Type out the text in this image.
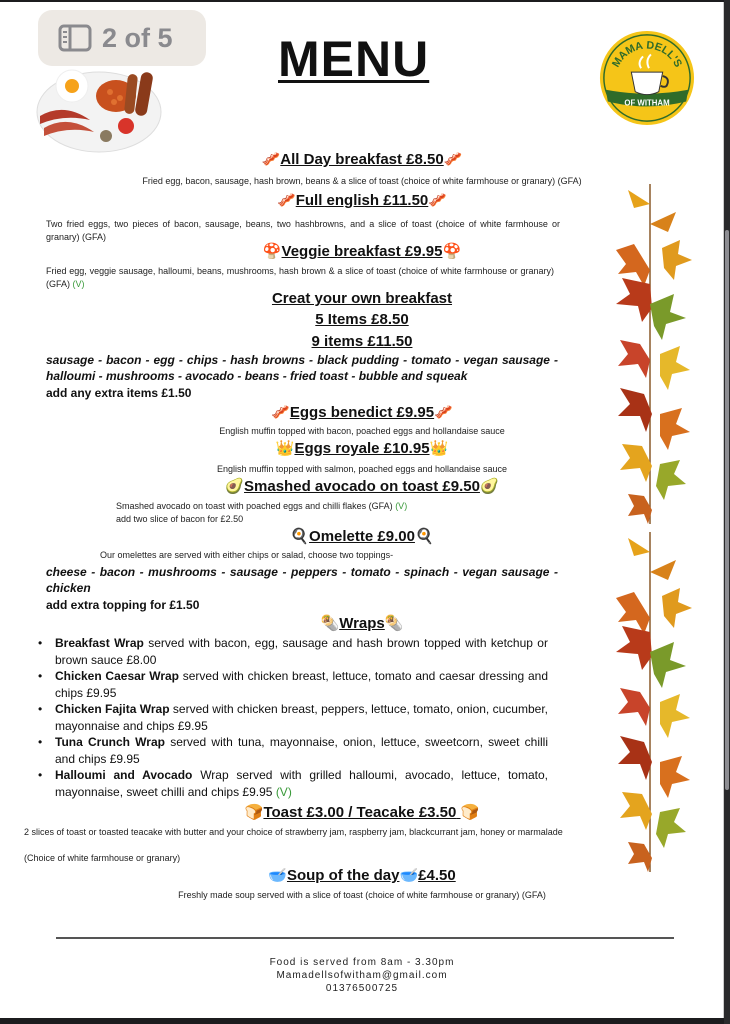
MENU	MAMA DELL'S
OF WITHAM
🥓All Day breakfast £8.50🥓
Fried egg, bacon, sausage, hash brown, beans & a slice of toast (choice of white farmhouse or granary) (GFA)
🥓Full english £11.50🥓
Two fried eggs, two pieces of bacon, sausage, beans, two hashbrowns, and a slice of toast (choice of white farmhouse or granary) (GFA)
🍄Veggie breakfast £9.95🍄
Fried egg, veggie sausage, halloumi, beans, mushrooms, hash brown & a slice of toast (choice of white farmhouse or granary) (GFA) (V)
Creat your own breakfast
5 Items £8.50
9 items £11.50
sausage - bacon - egg - chips - hash browns - black pudding - tomato - vegan sausage - halloumi - mushrooms - avocado - beans - fried toast - bubble and squeak
add any extra items £1.50
🥓Eggs benedict £9.95🥓
English muffin topped with bacon, poached eggs and hollandaise sauce
👑Eggs royale £10.95👑
English muffin topped with salmon, poached eggs and hollandaise sauce
🥑Smashed avocado on toast £9.50🥑
Smashed avocado on toast with poached eggs and chilli flakes (GFA) (V)
add two slice of bacon for £2.50
🍳Omelette £9.00🍳
Our omelettes are served with either chips or salad, choose two toppings-
cheese - bacon - mushrooms - sausage - peppers - tomato - spinach - vegan sausage - chicken
add extra topping for £1.50
🌯Wraps🌯
• Breakfast Wrap served with bacon, egg, sausage and hash brown topped with ketchup or brown sauce £8.00
• Chicken Caesar Wrap served with chicken breast, lettuce, tomato and caesar dressing and chips £9.95
• Chicken Fajita Wrap served with chicken breast, peppers, lettuce, tomato, onion, cucumber, mayonnaise and chips £9.95
• Tuna Crunch Wrap served with tuna, mayonnaise, onion, lettuce, sweetcorn, sweet chilli and chips £9.95
• Halloumi and Avocado Wrap served with grilled halloumi, avocado, lettuce, tomato, mayonnaise, sweet chilli and chips £9.95 (V)
🍞Toast £3.00 / Teacake £3.50 🍞
2 slices of toast or toasted teacake with butter and your choice of strawberry jam, raspberry jam, blackcurrant jam, honey or marmalade
(Choice of white farmhouse or granary)
🥣Soup of the day🥣£4.50
Freshly made soup served with a slice of toast (choice of white farmhouse or granary) (GFA)
Food is served from 8am - 3.30pm
Mamadellsofwitham@gmail.com
01376500725
2 of 5
